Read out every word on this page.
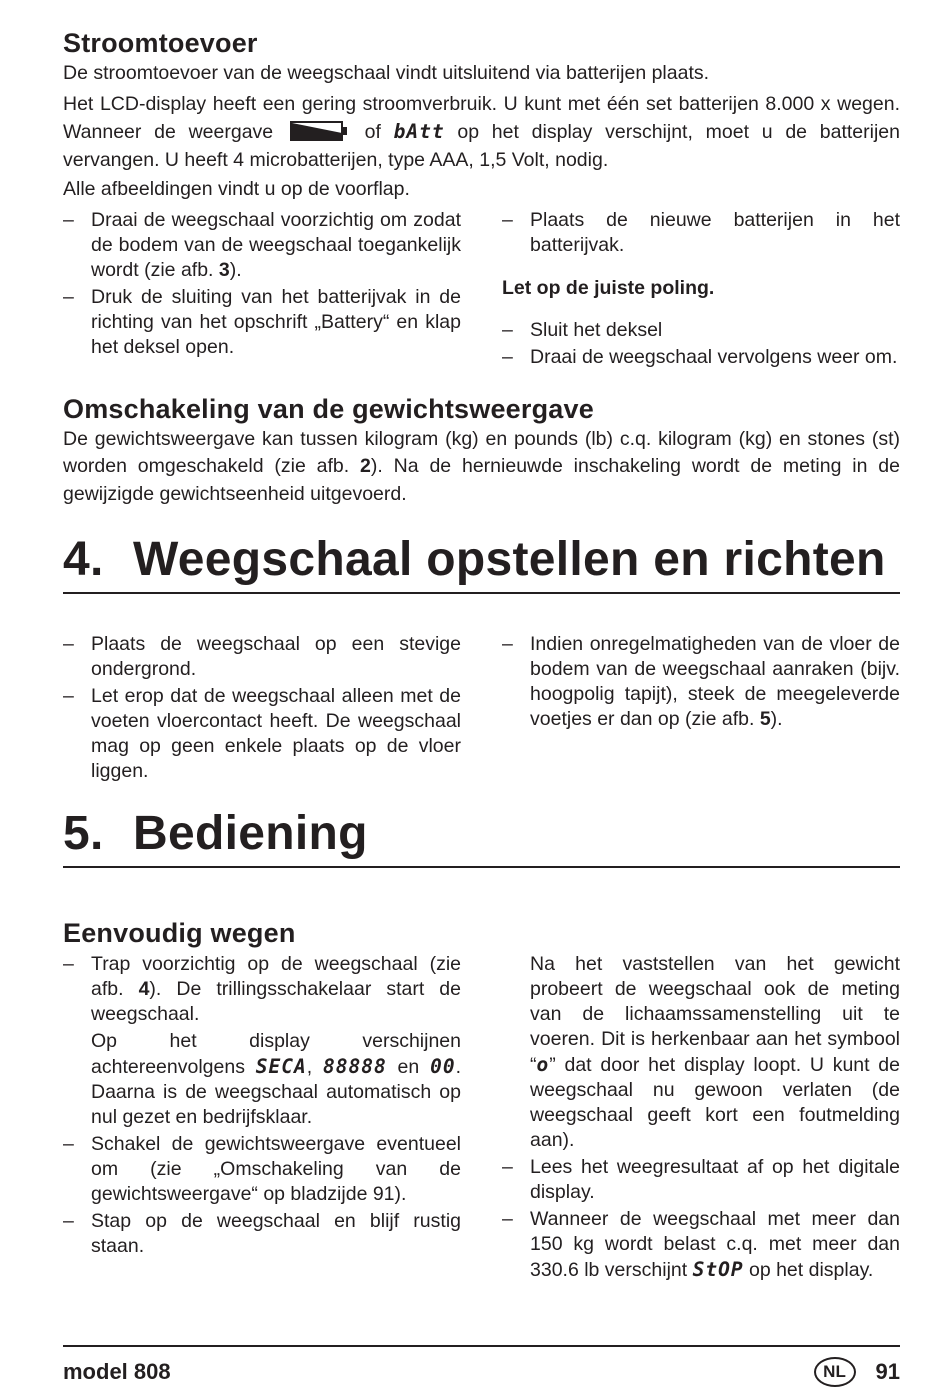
Stroomtoevoer

De stroomtoevoer van de weegschaal vindt uitsluitend via batterijen plaats.

Het LCD-display heeft een gering stroomverbruik. U kunt met één set batterijen 8.000 x wegen. Wanneer de weergave	of bAtt op het display verschijnt, moet u de batterijen vervangen. U heeft 4 microbatterijen, type AAA, 1,5 Volt, nodig.

Alle afbeeldingen vindt u op de voorflap.

– Draai de weegschaal voorzichtig om zodat de bodem van de weegschaal toegankelijk wordt (zie afb. 3).
– Druk de sluiting van het batterijvak in de richting van het opschrift „Battery“ en klap het deksel open.
– Plaats de nieuwe batterijen in het batterijvak.

Let op de juiste poling.

– Sluit het deksel
– Draai de weegschaal vervolgens weer om.
Omschakeling van de gewichtsweergave

De gewichtsweergave kan tussen kilogram (kg) en pounds (lb) c.q. kilogram (kg) en stones (st) worden omgeschakeld (zie afb. 2). Na de hernieuwde inschakeling wordt de meting in de gewijzigde gewichtseenheid uitgevoerd.

4. Weegschaal opstellen en richten
– Plaats de weegschaal op een stevige ondergrond.
– Let erop dat de weegschaal alleen met de voeten vloercontact heeft. De weegschaal mag op geen enkele plaats op de vloer liggen.
– Indien onregelmatigheden van de vloer de bodem van de weegschaal aanraken (bijv. hoogpolig tapijt), steek de meegeleverde voetjes er dan op (zie afb. 5).
5. Bediening
Eenvoudig wegen
– Trap voorzichtig op de weegschaal (zie afb. 4). De trillingsschakelaar start de weegschaal.
Op het display verschijnen achtereenvolgens SECA, 88888 en 00. Daarna is de weegschaal automatisch op nul gezet en bedrijfsklaar.
– Schakel de gewichtsweergave eventueel om (zie „Omschakeling van de gewichtsweergave“ op bladzijde 91).
– Stap op de weegschaal en blijf rustig staan.
Na het vaststellen van het gewicht probeert de weegschaal ook de meting van de lichaamssamenstelling uit te voeren. Dit is herkenbaar aan het symbool “o” dat door het display loopt. U kunt de weegschaal nu gewoon verlaten (de weegschaal geeft kort een foutmelding aan).
– Lees het weegresultaat af op het digitale display.
– Wanneer de weegschaal met meer dan 150 kg wordt belast c.q. met meer dan 330.6 lb verschijnt StOP op het display.
model 808	NL	91
